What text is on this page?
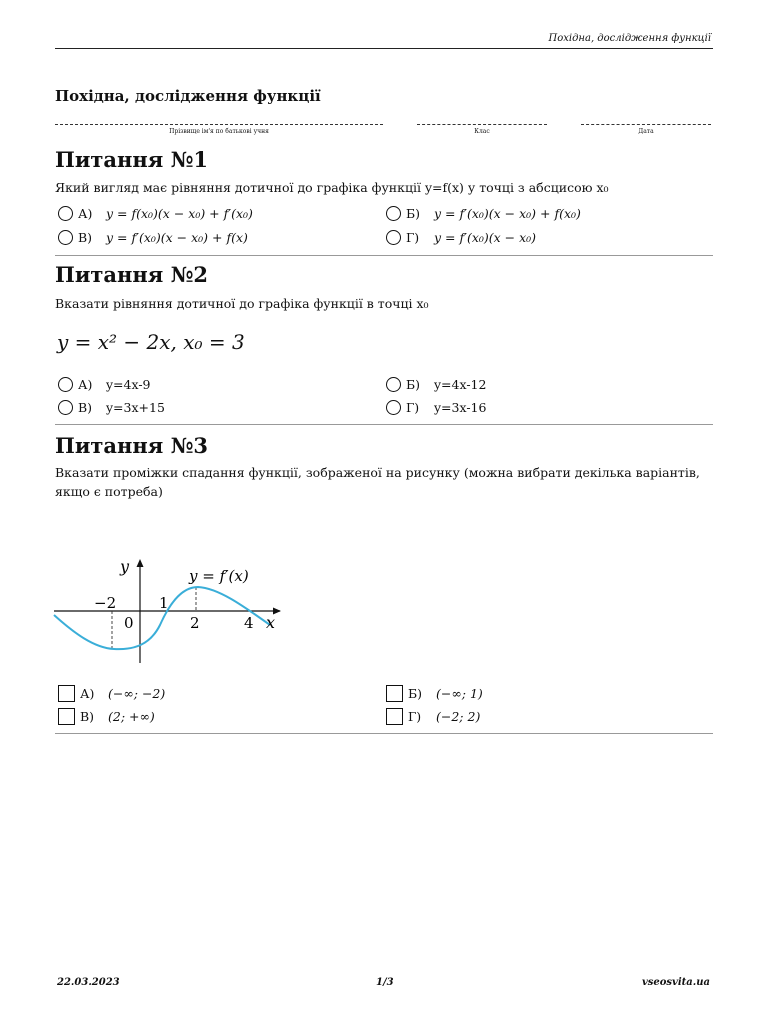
Похідна, дослідження функції
Похідна, дослідження функції
Прізвище ім'я по батькові учня	Клас	Дата
Питання №1
Який вигляд має рівняння дотичної до графіка функції y=f(x) у точці з абсцисою x₀
А)	y = f(x₀)(x − x₀) + f′(x₀)	Б)	y = f′(x₀)(x − x₀) + f(x₀)
В)	y = f′(x₀)(x − x₀) + f(x)	Г)	y = f′(x₀)(x − x₀)
Питання №2
Вказати рівняння дотичної до графіка функції в точці x₀
y = x² − 2x, x₀ = 3
А)	y=4x-9	Б)	y=4x-12
В)	y=3x+15	Г)	y=3x-16
Питання №3
Вказати проміжки спадання функції, зображеної на рисунку (можна вибрати декілька варіантів, якщо є потреба)
y	y = f′(x)
−2
0
1
2	4 x
А)	(−∞; −2)	Б)	(−∞; 1)
В)	(2; +∞)	Г)	(−2; 2)
22.03.2023	1/3	vseosvita.ua
